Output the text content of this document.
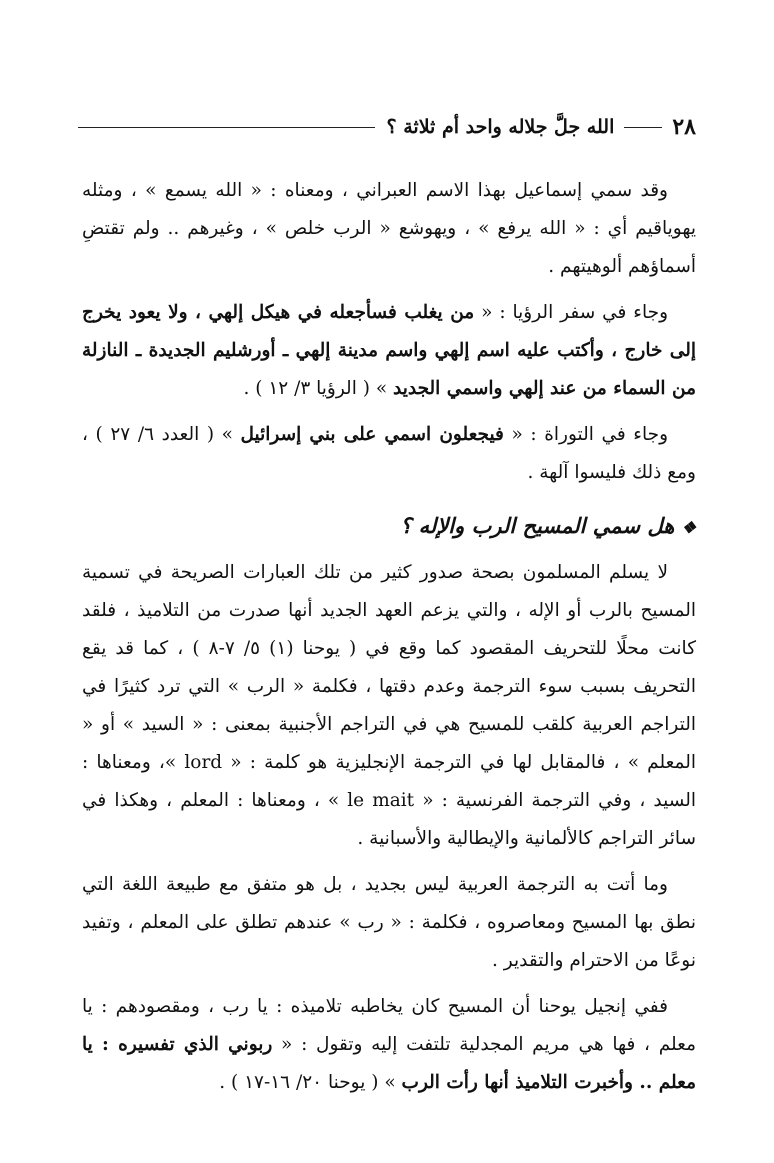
٢٨
الله جلَّ جلاله واحد أم ثلاثة ؟

وقد سمي إسماعيل بهذا الاسم العبراني ، ومعناه : « الله يسمع » ، ومثله يهوياقيم أي : « الله يرفع » ، ويهوشع « الرب خلص » ، وغيرهم .. ولم تقتضِ أسماؤهم ألوهيتهم .

وجاء في سفر الرؤيا : « من يغلب فسأجعله في هيكل إلهي ، ولا يعود يخرج إلى خارج ، وأكتب عليه اسم إلهي واسم مدينة إلهي ـ أورشليم الجديدة ـ النازلة من السماء من عند إلهي واسمي الجديد » ( الرؤيا ٣/ ١٢ ) .

وجاء في التوراة : « فيجعلون اسمي على بني إسرائيل » ( العدد ٦/ ٢٧ ) ، ومع ذلك فليسوا آلهة .

❖ هل سمي المسيح الرب والإله ؟

لا يسلم المسلمون بصحة صدور كثير من تلك العبارات الصريحة في تسمية المسيح بالرب أو الإله ، والتي يزعم العهد الجديد أنها صدرت من التلاميذ ، فلقد كانت محلًا للتحريف المقصود كما وقع في ( يوحنا (١) ٥/ ٧-٨ ) ، كما قد يقع التحريف بسبب سوء الترجمة وعدم دقتها ، فكلمة « الرب » التي ترد كثيرًا في التراجم العربية كلقب للمسيح هي في التراجم الأجنبية بمعنى : « السيد » أو « المعلم » ، فالمقابل لها في الترجمة الإنجليزية هو كلمة : « lord »، ومعناها : السيد ، وفي الترجمة الفرنسية : « le mait » ، ومعناها : المعلم ، وهكذا في سائر التراجم كالألمانية والإيطالية والأسبانية .

وما أتت به الترجمة العربية ليس بجديد ، بل هو متفق مع طبيعة اللغة التي نطق بها المسيح ومعاصروه ، فكلمة : « رب » عندهم تطلق على المعلم ، وتفيد نوعًا من الاحترام والتقدير .

ففي إنجيل يوحنا أن المسيح كان يخاطبه تلاميذه : يا رب ، ومقصودهم : يا معلم ، فها هي مريم المجدلية تلتفت إليه وتقول : « ربوني الذي تفسيره : يا معلم .. وأخبرت التلاميذ أنها رأت الرب » ( يوحنا ٢٠/ ١٦-١٧ ) .
